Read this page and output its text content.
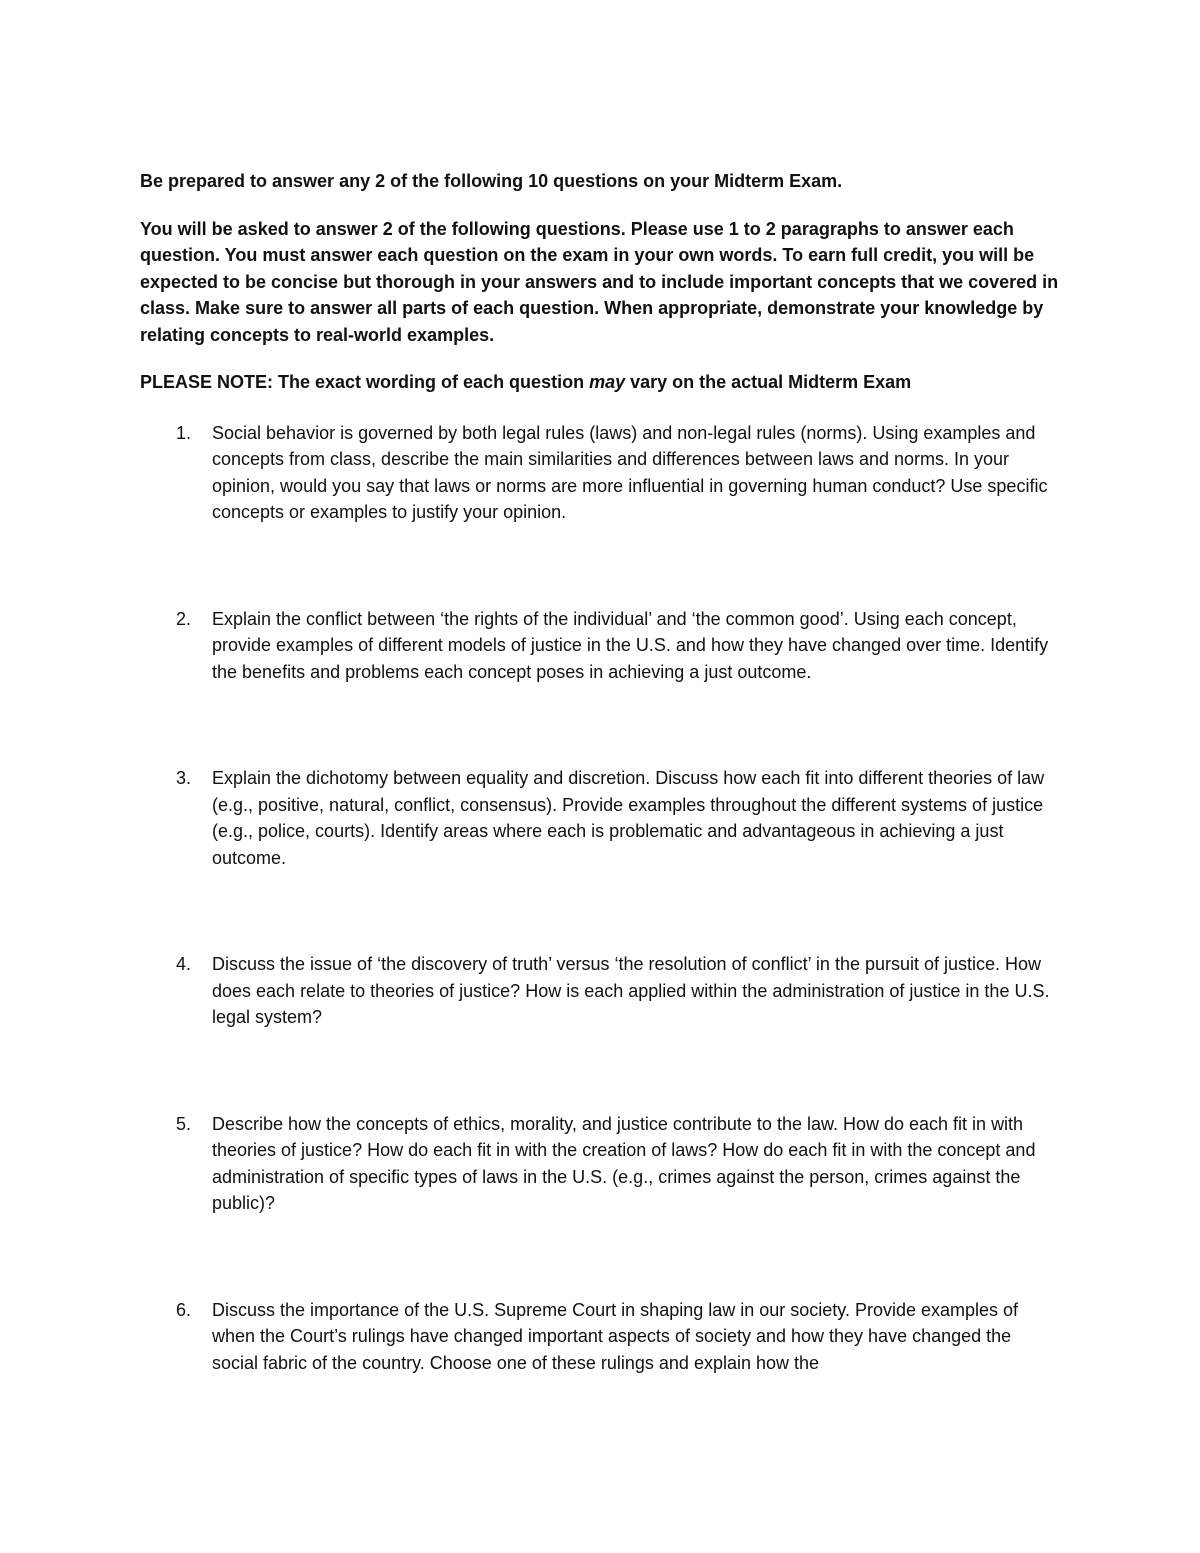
Be prepared to answer any 2 of the following 10 questions on your Midterm Exam.

You will be asked to answer 2 of the following questions. Please use 1 to 2 paragraphs to answer each question. You must answer each question on the exam in your own words. To earn full credit, you will be expected to be concise but thorough in your answers and to include important concepts that we covered in class. Make sure to answer all parts of each question. When appropriate, demonstrate your knowledge by relating concepts to real-world examples.

PLEASE NOTE: The exact wording of each question may vary on the actual Midterm Exam

1. Social behavior is governed by both legal rules (laws) and non-legal rules (norms). Using examples and concepts from class, describe the main similarities and differences between laws and norms. In your opinion, would you say that laws or norms are more influential in governing human conduct? Use specific concepts or examples to justify your opinion.
2. Explain the conflict between ‘the rights of the individual’ and ‘the common good’. Using each concept, provide examples of different models of justice in the U.S. and how they have changed over time. Identify the benefits and problems each concept poses in achieving a just outcome.
3. Explain the dichotomy between equality and discretion. Discuss how each fit into different theories of law (e.g., positive, natural, conflict, consensus). Provide examples throughout the different systems of justice (e.g., police, courts). Identify areas where each is problematic and advantageous in achieving a just outcome.
4. Discuss the issue of ‘the discovery of truth’ versus ‘the resolution of conflict’ in the pursuit of justice. How does each relate to theories of justice? How is each applied within the administration of justice in the U.S. legal system?
5. Describe how the concepts of ethics, morality, and justice contribute to the law. How do each fit in with theories of justice? How do each fit in with the creation of laws? How do each fit in with the concept and administration of specific types of laws in the U.S. (e.g., crimes against the person, crimes against the public)?
6. Discuss the importance of the U.S. Supreme Court in shaping law in our society. Provide examples of when the Court’s rulings have changed important aspects of society and how they have changed the social fabric of the country. Choose one of these rulings and explain how the
